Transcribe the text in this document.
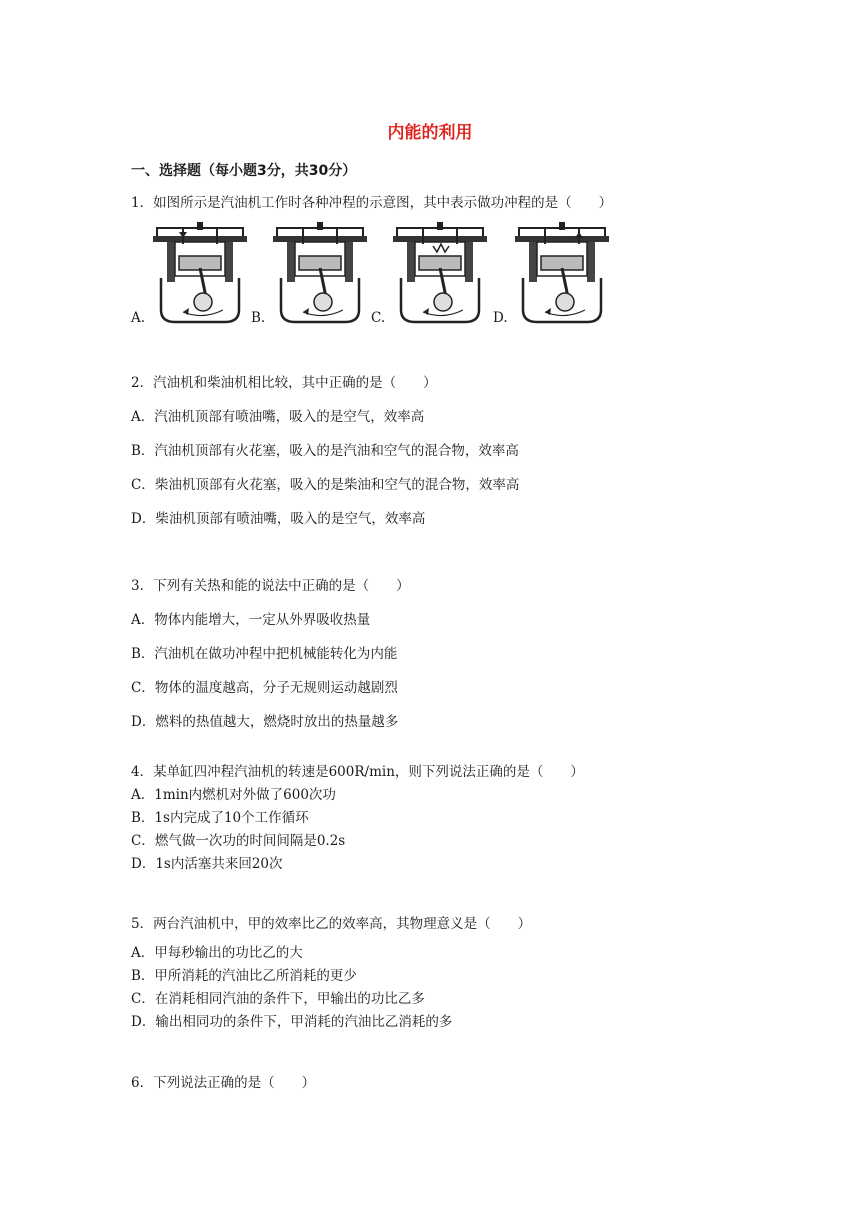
内能的利用
一、选择题（每小题3分，共30分）
1．如图所示是汽油机工作时各种冲程的示意图，其中表示做功冲程的是（　　）
A.	B.	C.	D.
2．汽油机和柴油机相比较，其中正确的是（　　）
A．汽油机顶部有喷油嘴，吸入的是空气，效率高
B．汽油机顶部有火花塞，吸入的是汽油和空气的混合物，效率高
C．柴油机顶部有火花塞，吸入的是柴油和空气的混合物，效率高
D．柴油机顶部有喷油嘴，吸入的是空气，效率高
3．下列有关热和能的说法中正确的是（　　）
A．物体内能增大，一定从外界吸收热量
B．汽油机在做功冲程中把机械能转化为内能
C．物体的温度越高，分子无规则运动越剧烈
D．燃料的热值越大，燃烧时放出的热量越多
4．某单缸四冲程汽油机的转速是600R/min，则下列说法正确的是（　　）
A．1min内燃机对外做了600次功
B．1s内完成了10个工作循环
C．燃气做一次功的时间间隔是0.2s
D．1s内活塞共来回20次
5．两台汽油机中，甲的效率比乙的效率高，其物理意义是（　　）
A．甲每秒输出的功比乙的大
B．甲所消耗的汽油比乙所消耗的更少
C．在消耗相同汽油的条件下，甲输出的功比乙多
D．输出相同功的条件下，甲消耗的汽油比乙消耗的多
6．下列说法正确的是（　　）
